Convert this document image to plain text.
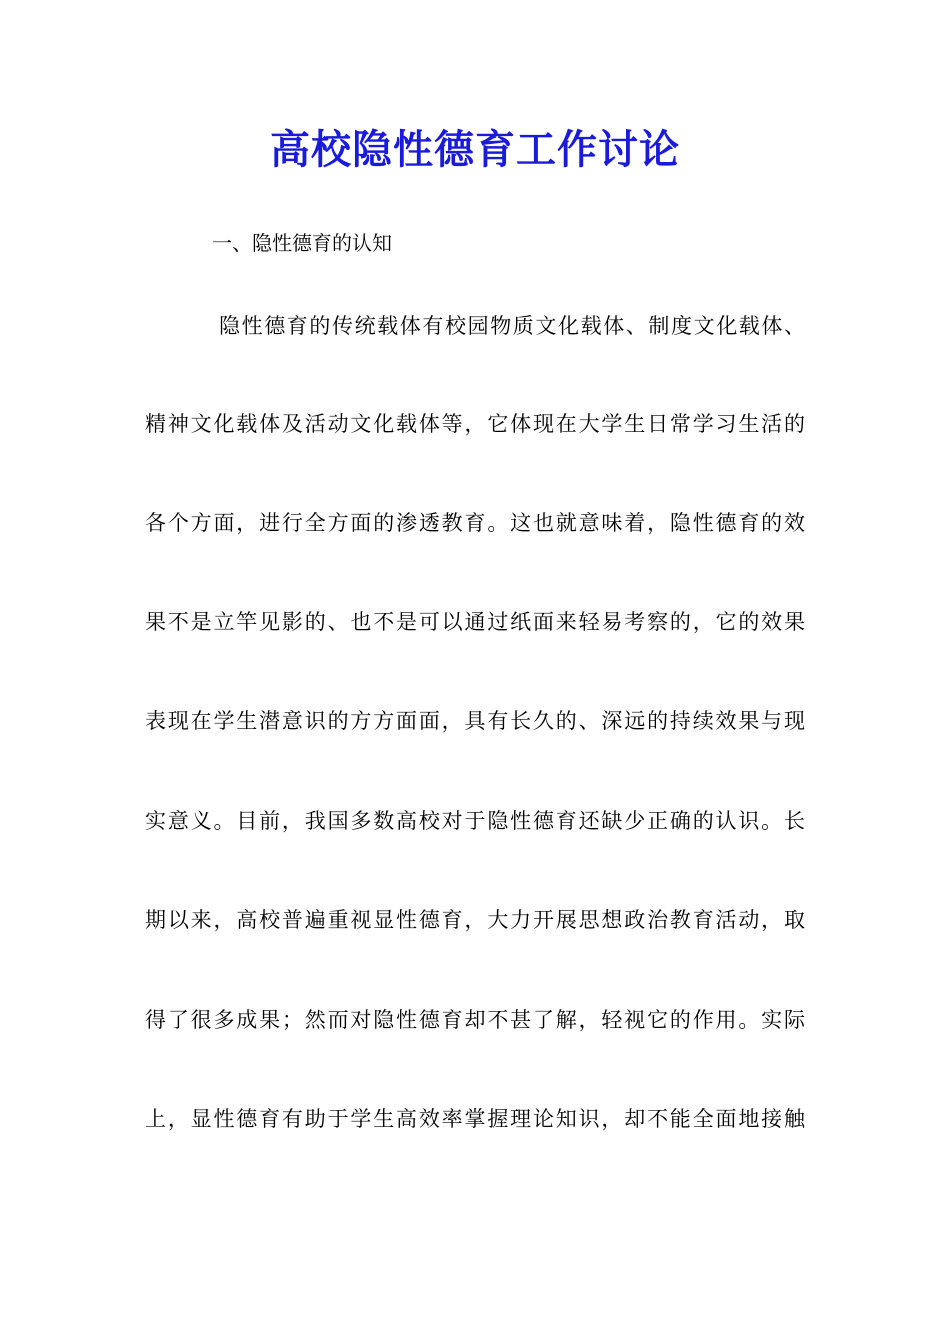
高校隐性德育工作讨论

一、隐性德育的认知

隐性德育的传统载体有校园物质文化载体、制度文化载体、

精神文化载体及活动文化载体等，它体现在大学生日常学习生活的

各个方面，进行全方面的渗透教育。这也就意味着，隐性德育的效

果不是立竿见影的、也不是可以通过纸面来轻易考察的，它的效果

表现在学生潜意识的方方面面，具有长久的、深远的持续效果与现

实意义。目前，我国多数高校对于隐性德育还缺少正确的认识。长

期以来，高校普遍重视显性德育，大力开展思想政治教育活动，取

得了很多成果；然而对隐性德育却不甚了解，轻视它的作用。实际

上，显性德育有助于学生高效率掌握理论知识，却不能全面地接触
